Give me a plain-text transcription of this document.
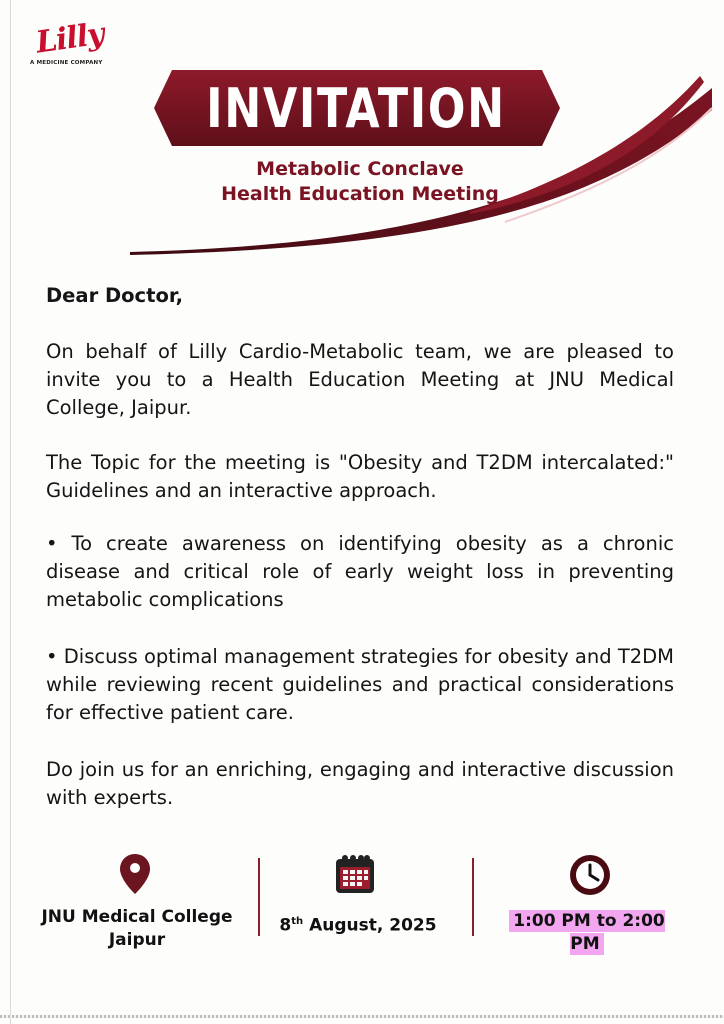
Lilly
A MEDICINE COMPANY
INVITATION
Metabolic Conclave
Health Education Meeting
Dear Doctor,
On behalf of Lilly Cardio-Metabolic team, we are pleased to invite you to a Health Education Meeting at JNU Medical College, Jaipur.
The Topic for the meeting is "Obesity and T2DM intercalated:" Guidelines and an interactive approach.
• To create awareness on identifying obesity as a chronic disease and critical role of early weight loss in preventing metabolic complications
• Discuss optimal management strategies for obesity and T2DM while reviewing recent guidelines and practical considerations for effective patient care.
Do join us for an enriching, engaging and interactive discussion with experts.
JNU Medical College
Jaipur
8th August, 2025	1:00 PM to 2:00 PM
